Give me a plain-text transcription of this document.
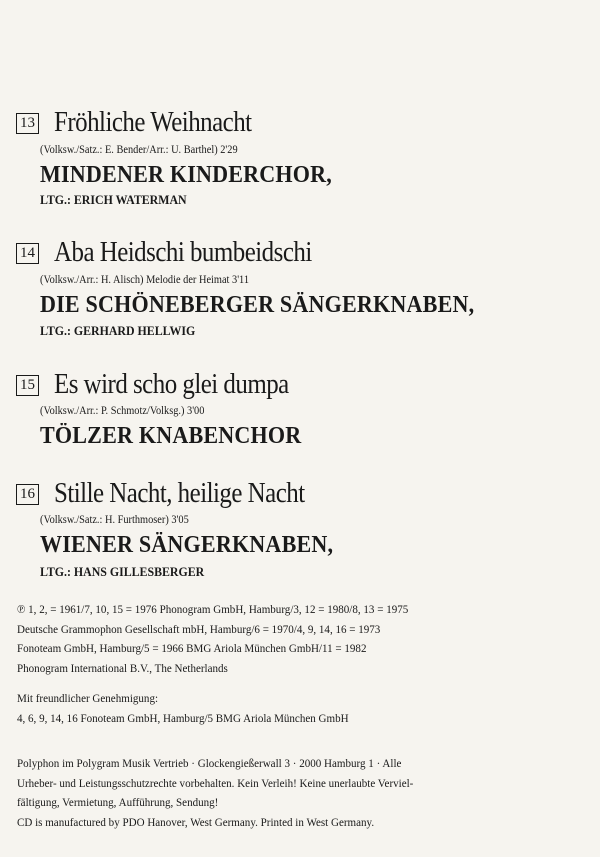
13 Fröhliche Weihnacht
(Volksw./Satz.: E. Bender/Arr.: U. Barthel) 2'29
MINDENER KINDERCHOR,
LTG.: ERICH WATERMAN
14 Aba Heidschi bumbeidschi
(Volksw./Arr.: H. Alisch) Melodie der Heimat 3'11
DIE SCHÖNEBERGER SÄNGERKNABEN,
LTG.: GERHARD HELLWIG
15 Es wird scho glei dumpa
(Volksw./Arr.: P. Schmotz/Volksg.) 3'00
TÖLZER KNABENCHOR
16 Stille Nacht, heilige Nacht
(Volksw./Satz.: H. Furthmoser) 3'05
WIENER SÄNGERKNABEN,
LTG.: HANS GILLESBERGER
℗ 1, 2, = 1961/7, 10, 15 = 1976 Phonogram GmbH, Hamburg/3, 12 = 1980/8, 13 = 1975
Deutsche Grammophon Gesellschaft mbH, Hamburg/6 = 1970/4, 9, 14, 16 = 1973
Fonoteam GmbH, Hamburg/5 = 1966 BMG Ariola München GmbH/11 = 1982
Phonogram International B.V., The Netherlands
Mit freundlicher Genehmigung:
4, 6, 9, 14, 16 Fonoteam GmbH, Hamburg/5 BMG Ariola München GmbH
Polyphon im Polygram Musik Vertrieb · Glockengießerwall 3 · 2000 Hamburg 1 · Alle
Urheber- und Leistungsschutzrechte vorbehalten. Kein Verleih! Keine unerlaubte Verviel-
fältigung, Vermietung, Aufführung, Sendung!
CD is manufactured by PDO Hanover, West Germany. Printed in West Germany.
